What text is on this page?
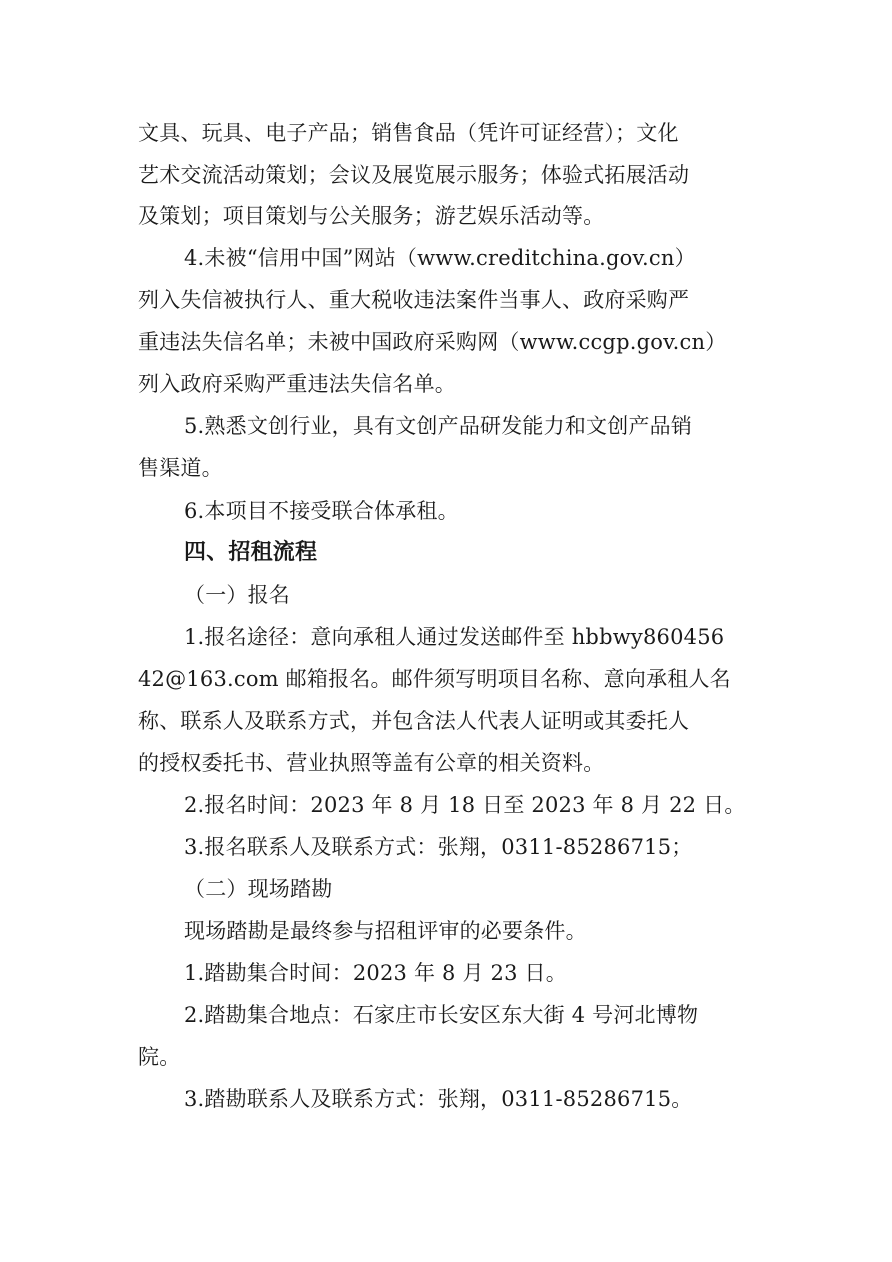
文具、玩具、电子产品；销售食品（凭许可证经营）；文化
艺术交流活动策划；会议及展览展示服务；体验式拓展活动
及策划；项目策划与公关服务；游艺娱乐活动等。
4.未被“信用中国”网站（www.creditchina.gov.cn）
列入失信被执行人、重大税收违法案件当事人、政府采购严
重违法失信名单；未被中国政府采购网（www.ccgp.gov.cn）
列入政府采购严重违法失信名单。
5.熟悉文创行业，具有文创产品研发能力和文创产品销
售渠道。
6.本项目不接受联合体承租。
四、招租流程
（一）报名
1.报名途径：意向承租人通过发送邮件至 hbbwy860456
42@163.com 邮箱报名。邮件须写明项目名称、意向承租人名
称、联系人及联系方式，并包含法人代表人证明或其委托人
的授权委托书、营业执照等盖有公章的相关资料。
2.报名时间：2023 年 8 月 18 日至 2023 年 8 月 22 日。
3.报名联系人及联系方式：张翔，0311-85286715；
（二）现场踏勘
现场踏勘是最终参与招租评审的必要条件。
1.踏勘集合时间：2023 年 8 月 23 日。
2.踏勘集合地点：石家庄市长安区东大街 4 号河北博物
院。
3.踏勘联系人及联系方式：张翔，0311-85286715。
